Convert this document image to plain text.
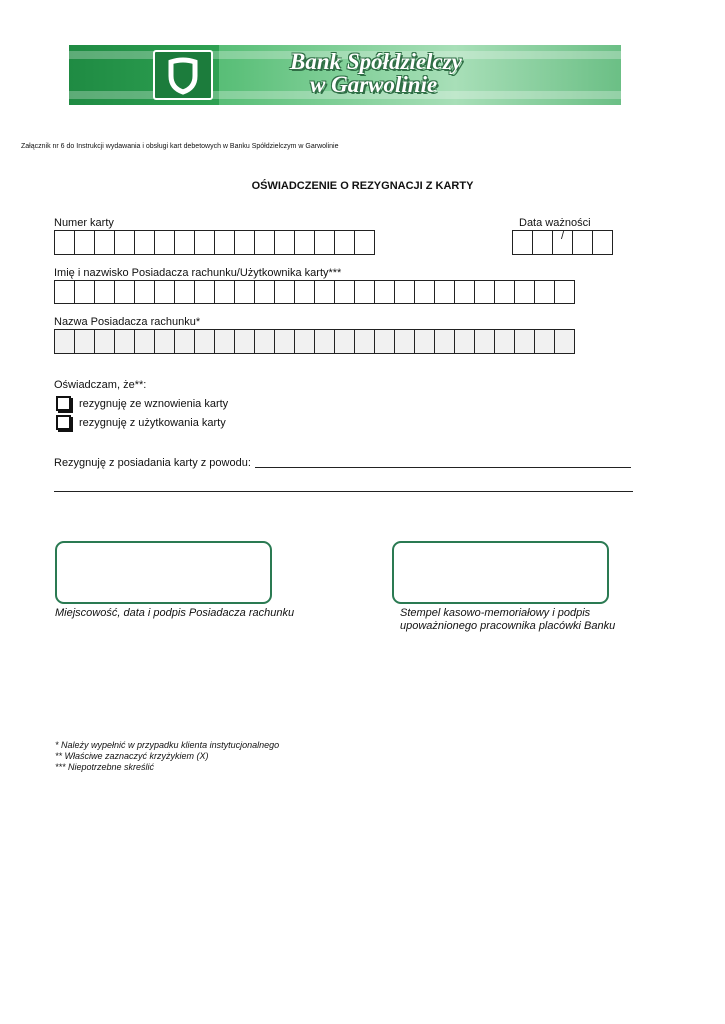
Bank Spółdzielczy
w Garwolinie
Załącznik nr 6 do Instrukcji wydawania i obsługi kart debetowych w Banku Spółdzielczym w Garwolinie
OŚWIADCZENIE O REZYGNACJI Z KARTY
Numer karty	Data ważności
/
Imię i nazwisko Posiadacza rachunku/Użytkownika karty***
Nazwa Posiadacza rachunku*
Oświadczam, że**:
rezygnuję ze wznowienia karty
rezygnuję z użytkowania karty
Rezygnuję z posiadania karty z powodu:
Miejscowość, data i podpis Posiadacza rachunku	Stempel kasowo-memoriałowy i podpis
upoważnionego pracownika placówki Banku
* Należy wypełnić w przypadku klienta instytucjonalnego
** Właściwe zaznaczyć krzyżykiem (X)
*** Niepotrzebne skreślić
